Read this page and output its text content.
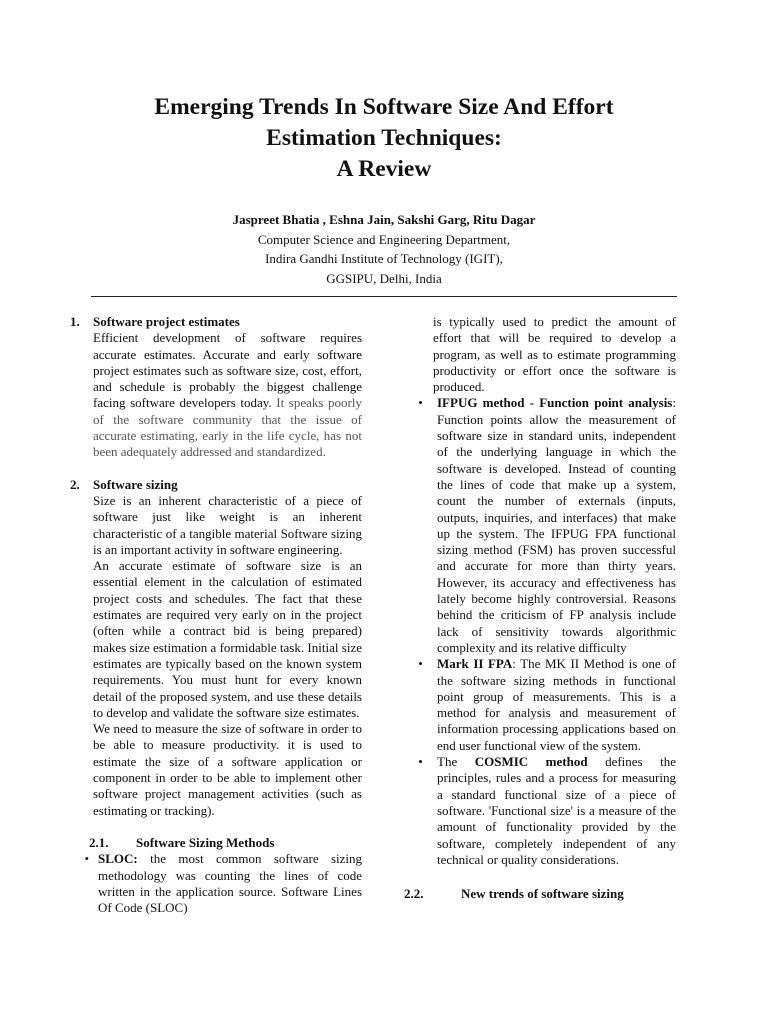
Emerging Trends In Software Size And Effort
Estimation Techniques:
A Review
Jaspreet Bhatia , Eshna Jain, Sakshi Garg, Ritu Dagar
Computer Science and Engineering Department,
Indira Gandhi Institute of Technology (IGIT),
GGSIPU, Delhi, India
1.	Software project estimates

Efficient development of software requires accurate estimates. Accurate and early software project estimates such as software size, cost, effort, and schedule is probably the biggest challenge facing software developers today. It speaks poorly of the software community that the issue of accurate estimating, early in the life cycle, has not been adequately addressed and standardized.

2.	Software sizing

Size is an inherent characteristic of a piece of software just like weight is an inherent characteristic of a tangible material Software sizing is an important activity in software engineering.

An accurate estimate of software size is an essential element in the calculation of estimated project costs and schedules. The fact that these estimates are required very early on in the project (often while a contract bid is being prepared) makes size estimation a formidable task. Initial size estimates are typically based on the known system requirements. You must hunt for every known detail of the proposed system, and use these details to develop and validate the software size estimates.

We need to measure the size of software in order to be able to measure productivity. it is used to estimate the size of a software application or component in order to be able to implement other software project management activities (such as estimating or tracking).

2.1.	Software Sizing Methods
• SLOC: the most common software sizing methodology was counting the lines of code written in the application source. Software Lines Of Code (SLOC)

is typically used to predict the amount of effort that will be required to develop a program, as well as to estimate programming productivity or effort once the software is produced.

•	IFPUG method - Function point analysis: Function points allow the measurement of software size in standard units, independent of the underlying language in which the software is developed. Instead of counting the lines of code that make up a system, count the number of externals (inputs, outputs, inquiries, and interfaces) that make up the system. The IFPUG FPA functional sizing method (FSM) has proven successful and accurate for more than thirty years. However, its accuracy and effectiveness has lately become highly controversial. Reasons behind the criticism of FP analysis include lack of sensitivity towards algorithmic complexity and its relative difficulty
•	Mark II FPA: The MK II Method is one of the software sizing methods in functional point group of measurements. This is a method for analysis and measurement of information processing applications based on end user functional view of the system.
•	The COSMIC method defines the principles, rules and a process for measuring a standard functional size of a piece of software. 'Functional size' is a measure of the amount of functionality provided by the software, completely independent of any technical or quality considerations.
2.2.	New trends of software sizing
